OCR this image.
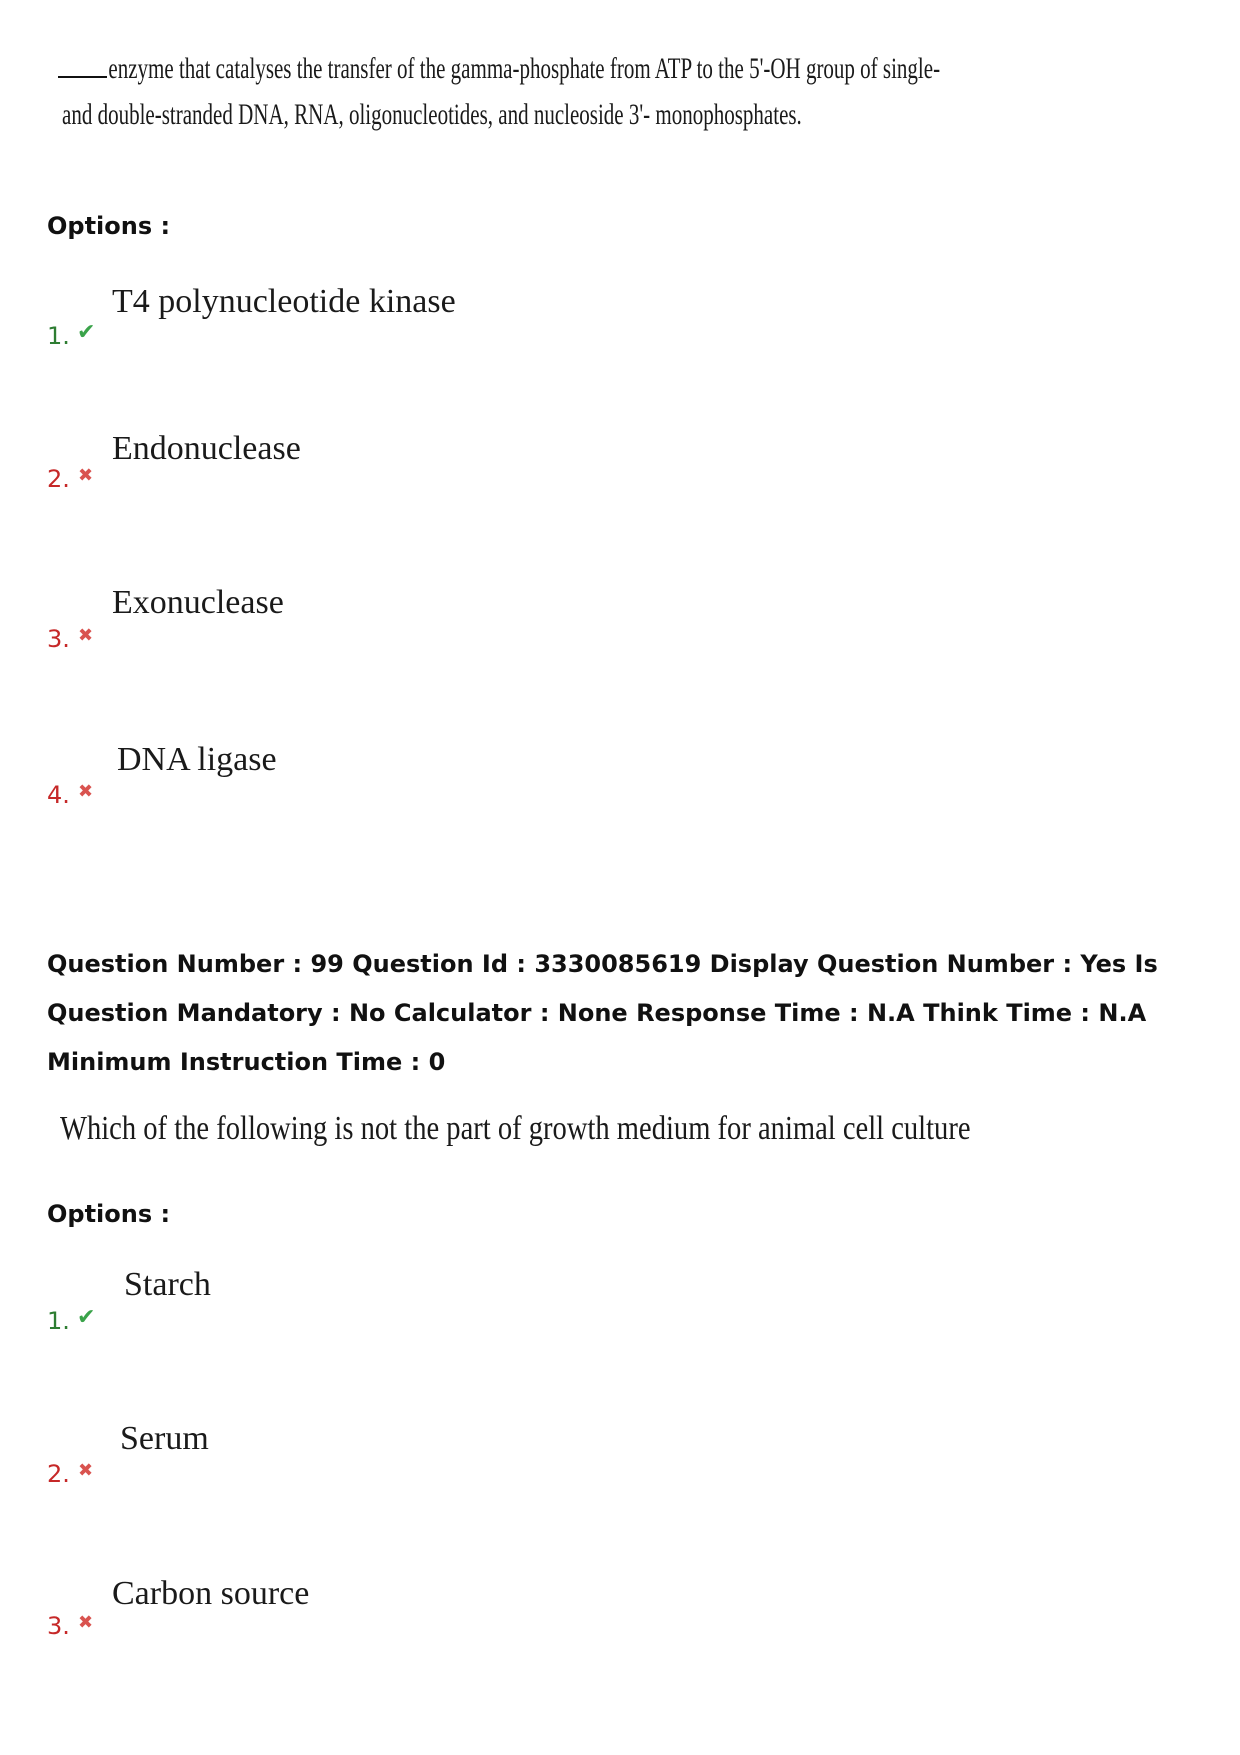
enzyme that catalyses the transfer of the gamma-phosphate from ATP to the 5'-OH group of single-
and double-stranded DNA, RNA, oligonucleotides, and nucleoside 3'- monophosphates.
Options :
1. ✔
T4 polynucleotide kinase
2. ✖
Endonuclease
3. ✖
Exonuclease
4. ✖
DNA ligase
Question Number : 99 Question Id : 3330085619 Display Question Number : Yes Is Question Mandatory : No Calculator : None Response Time : N.A Think Time : N.A Minimum Instruction Time : 0
Which of the following is not the part of growth medium for animal cell culture
Options :
1. ✔
Starch
2. ✖
Serum
3. ✖
Carbon source
